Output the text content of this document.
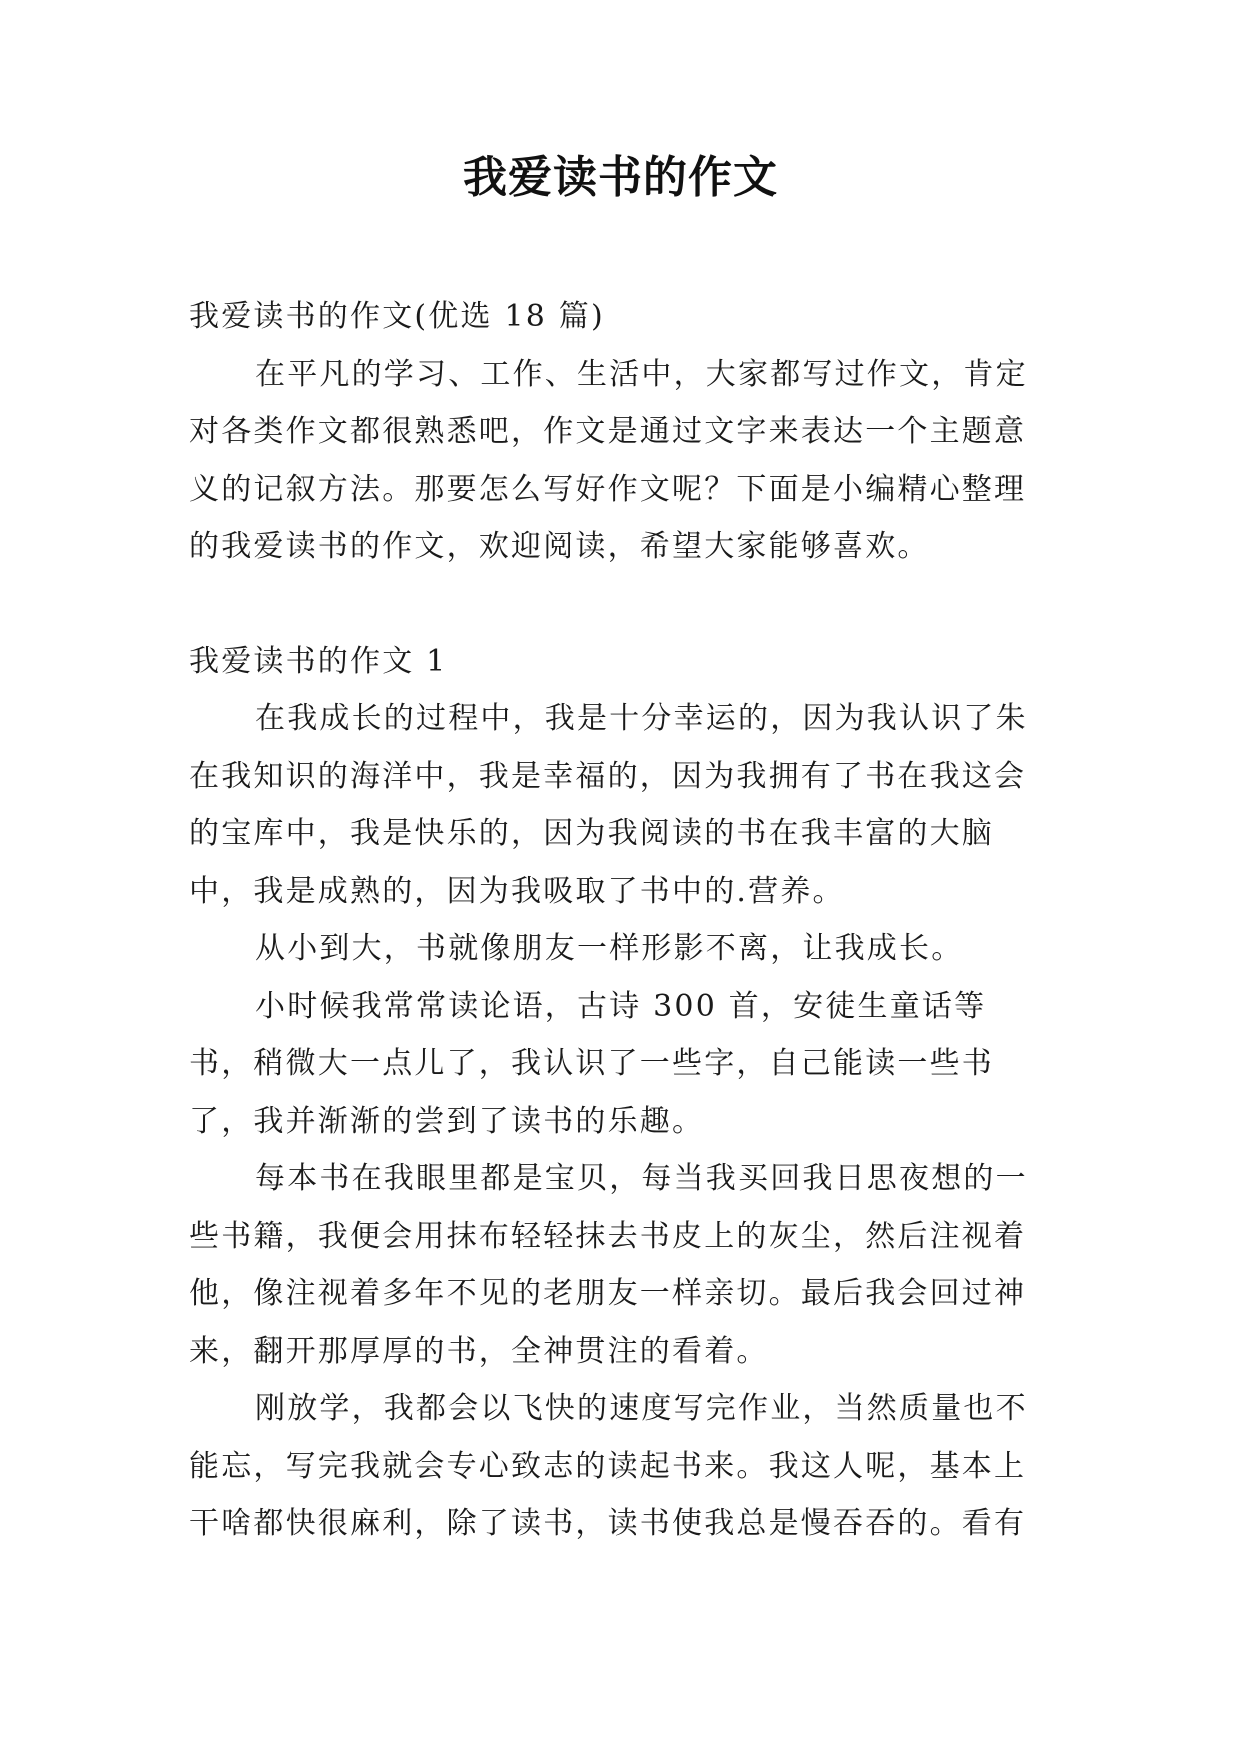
我爱读书的作文

我爱读书的作文(优选 18 篇)

在平凡的学习、工作、生活中，大家都写过作文，肯定对各类作文都很熟悉吧，作文是通过文字来表达一个主题意义的记叙方法。那要怎么写好作文呢？下面是小编精心整理的我爱读书的作文，欢迎阅读，希望大家能够喜欢。

我爱读书的作文 1

在我成长的过程中，我是十分幸运的，因为我认识了朱在我知识的海洋中，我是幸福的，因为我拥有了书在我这会的宝库中，我是快乐的，因为我阅读的书在我丰富的大脑中，我是成熟的，因为我吸取了书中的.营养。

从小到大，书就像朋友一样形影不离，让我成长。

小时候我常常读论语，古诗 300 首，安徒生童话等书，稍微大一点儿了，我认识了一些字，自己能读一些书了，我并渐渐的尝到了读书的乐趣。

每本书在我眼里都是宝贝，每当我买回我日思夜想的一些书籍，我便会用抹布轻轻抹去书皮上的灰尘，然后注视着他，像注视着多年不见的老朋友一样亲切。最后我会回过神来，翻开那厚厚的书，全神贯注的看着。

刚放学，我都会以飞快的速度写完作业，当然质量也不能忘，写完我就会专心致志的读起书来。我这人呢，基本上干啥都快很麻利，除了读书，读书使我总是慢吞吞的。看有
